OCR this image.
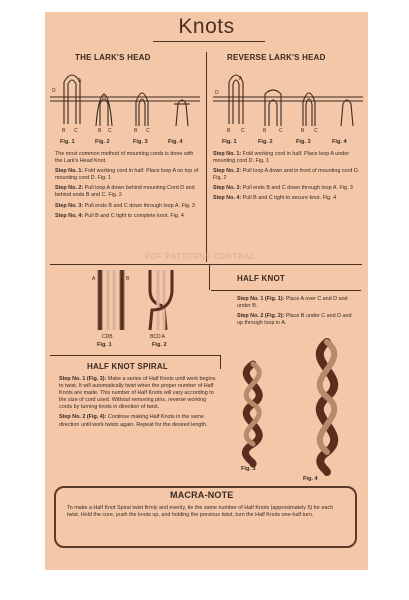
Knots
THE LARK'S HEAD
A
D
B C	B C	B C
Fig. 1	Fig. 2	Fig. 3	Fig. 4

The most common method of mounting cords is done with the Lark's Head Knot.

Step No. 1: Fold working cord in half. Place loop A on top of mounting cord D. Fig. 1

Step No. 2: Pull loop A down behind mounting Cord D and behind ends B and C. Fig. 2

Step No. 3: Pull ends B and C down through loop A. Fig. 3

Step No. 4: Pull B and C tight to complete knot. Fig. 4

REVERSE LARK'S HEAD
A
D
B C	B	C	B C
Fig. 1	Fig. 2	Fig. 3	Fig. 4

Step No. 1: Fold working cord in half. Place loop A under mounting cord D. Fig. 1

Step No. 2: Pull loop A down and in front of mounting cord D. Fig. 2

Step No. 3: Pull ends B and C down through loop A. Fig. 3

Step No. 4: Pull B and C tight to secure knot. Fig. 4

PDF PATTERNS CENTRAL
A	B
CDB	BCD A
Fig. 1	Fig. 2
HALF KNOT

Step No. 1 (Fig. 1): Place A over C and D and under B.

Step No. 2 (Fig. 2): Place B under C and D and up through loop in A.

HALF KNOT SPIRAL

Step No. 1 (Fig. 3): Make a series of Half Knots until work begins to twist. It will automatically twist when the proper number of Half Knots are made. This number of Half Knots will vary according to the size of cord used. Without removing pins, reverse working cords by turning knots in direction of twist.

Step No. 2 (Fig. 4): Continue making Half Knots in the same direction until work twists again. Repeat for the desired length.

Fig. 3
Fig. 4
MACRA-NOTE
To make a Half Knot Spiral twist firmly and evenly, tie the same number of Half Knots (approximately 5) for each twist. Hold the core, push the knots up, and holding the previous twist, turn the Half Knots one-half turn.
